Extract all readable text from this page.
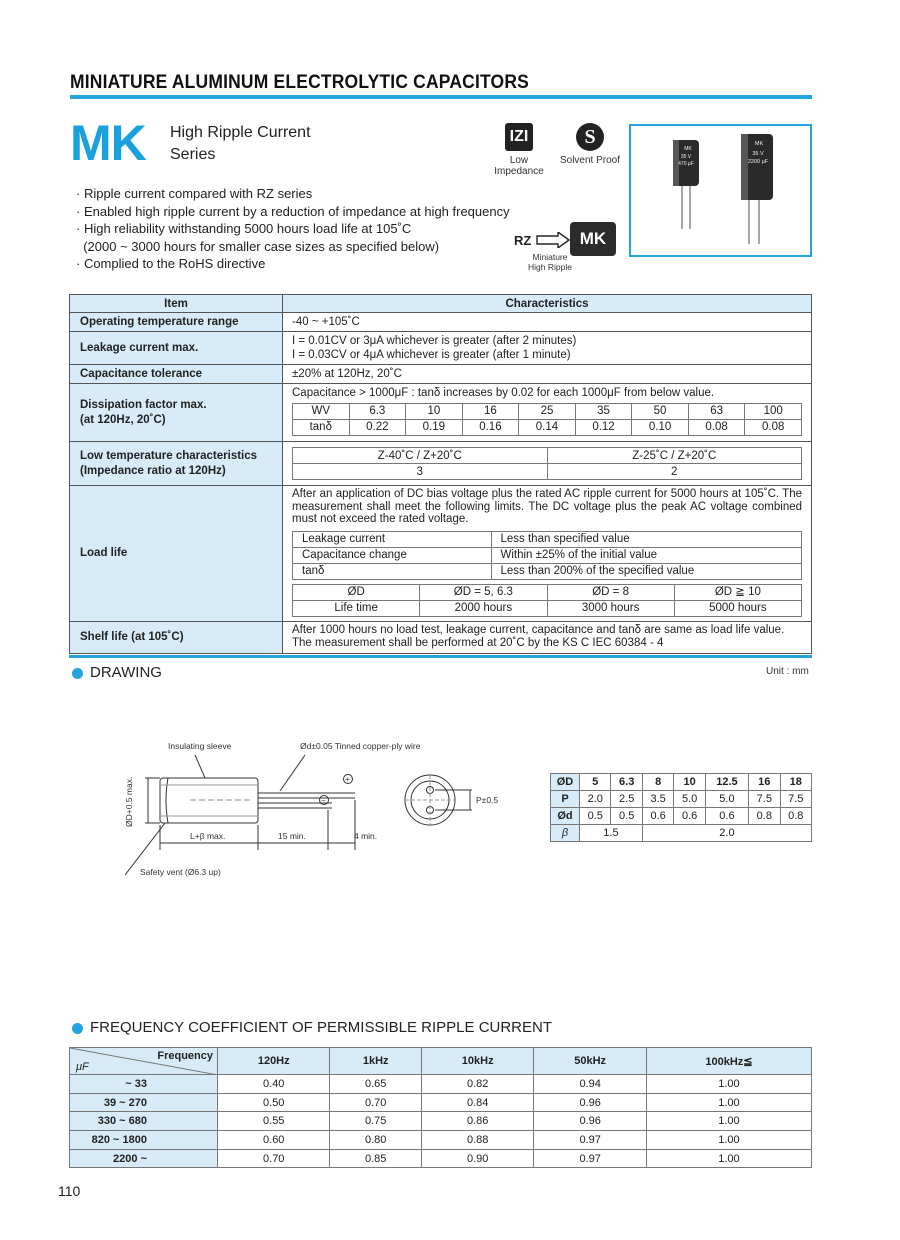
MINIATURE ALUMINUM ELECTROLYTIC CAPACITORS
MK High Ripple Current
Series
IZI
Low Impedance
S
Solvent Proof
MK
35 V
470 μF
MK
35 V
2200 μF
· Ripple current compared with RZ series
· Enabled high ripple current by a reduction of impedance at high frequency
· High reliability withstanding 5000 hours load life at 105˚C
(2000 ~ 3000 hours for smaller case sizes as specified below)
· Complied to the RoHS directive
RZ	MK
Miniature
High Ripple
Item	Characteristics
Operating temperature range	-40 ~ +105˚C
Leakage current max.	
I = 0.01CV or 3μA whichever is greater (after 2 minutes)
I = 0.03CV or 4μA whichever is greater (after 1 minute)

Capacitance tolerance	±20% at 120Hz, 20˚C

Dissipation factor max.
(at 120Hz, 20˚C)

Capacitance > 1000μF : tanδ increases by 0.02 for each 1000μF from below value.
WV	6.3	10	16	25	35	50	63	100
tanδ	0.22	0.19	0.16	0.14	0.12	0.10	0.08	0.08

Low temperature characteristics
(Impedance ratio at 120Hz)

Z-40˚C / Z+20˚C	Z-25˚C / Z+20˚C
3	2

Load life	
After an application of DC bias voltage plus the rated AC ripple current for 5000 hours at 105˚C. The measurement shall meet the following limits. The DC voltage plus the peak AC voltage combined must not exceed the rated voltage.
Leakage current	Less than specified value
Capacitance change	Within ±25% of the initial value
tanδ	Less than 200% of the specified value
ØD	ØD = 5, 6.3	ØD = 8	ØD ≧ 10
Life time	2000 hours	3000 hours	5000 hours

Shelf life (at 105˚C)	
After 1000 hours no load test, leakage current, capacitance and tanδ are same as load life value.
The measurement shall be performed at 20˚C by the KS C IEC 60384 - 4
DRAWING	Unit : mm
Insulating sleeve	Ød±0.05 Tinned copper-ply wire
ØD+0.5 max.
L+β max.	15 min.	4 min.
Safety vent (Ø6.3 up)
P±0.5
+
−
ØD	5	6.3	8	10	12.5	16	18
P	2.0	2.5	3.5	5.0	5.0	7.5	7.5
Ød	0.5	0.5	0.6	0.6	0.6	0.8	0.8
β	1.5		2.0				
FREQUENCY COEFFICIENT OF PERMISSIBLE RIPPLE CURRENT
Frequency
μF	120Hz	1kHz	10kHz	50kHz	100kHz≦
~ 33	0.40	0.65	0.82	0.94	1.00
39 ~ 270	0.50	0.70	0.84	0.96	1.00
330 ~ 680	0.55	0.75	0.86	0.96	1.00
820 ~ 1800	0.60	0.80	0.88	0.97	1.00
2200 ~	0.70	0.85	0.90	0.97	1.00
110
